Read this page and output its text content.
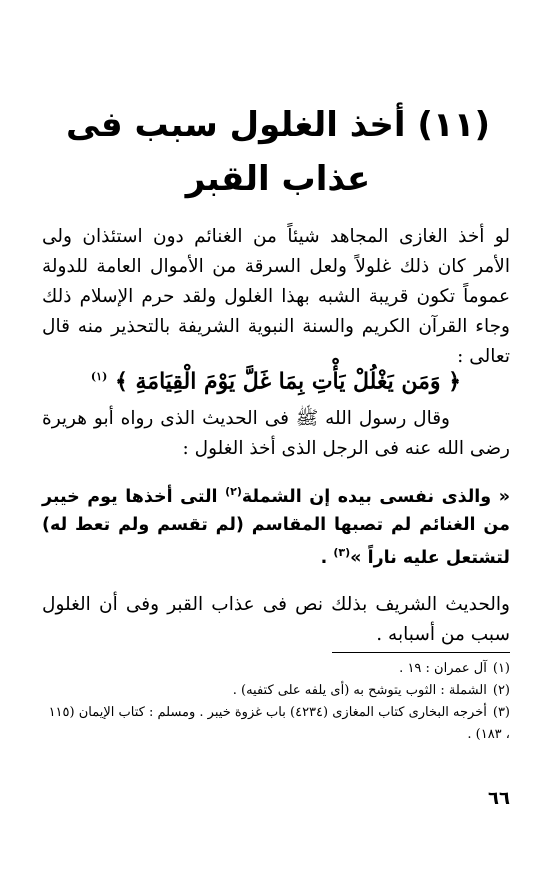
(١١) أخذ الغلول سبب فى
عذاب القبر

لو أخذ الغازى المجاهد شيئاً من الغنائم دون استئذان ولى الأمر كان ذلك غلولاً ولعل السرقة من الأموال العامة للدولة عموماً تكون قريبة الشبه بهذا الغلول ولقد حرم الإسلام ذلك وجاء القرآن الكريم والسنة النبوية الشريفة بالتحذير منه قال تعالى :

﴿ وَمَن يَغْلُلْ يَأْتِ بِمَا غَلَّ يَوْمَ الْقِيَامَةِ ﴾ $^{(١)}$

وقال رسول الله ﷺ فى الحديث الذى رواه أبو هريرة رضى الله عنه فى الرجل الذى أخذ الغلول :

« والذى نفسى بيده إن الشملة$^{(٢)}$ التى أخذها يوم خيبر من الغنائم لم تصبها المقاسم (لم تقسم ولم تعط له) لتشتعل عليه ناراً »$^{(٣)}$ .

والحديث الشريف بذلك نص فى عذاب القبر وفى أن الغلول سبب من أسبابه .

(١)آل عمران : ١٩ .

(٢)الشملة : الثوب يتوشح به (أى يلفه على كتفيه) .

(٣)أخرجه البخارى كتاب المغازى (٤٢٣٤) باب غزوة خيبر . ومسلم : كتاب الإيمان (١١٥ ، ١٨٣) .

٦٦
